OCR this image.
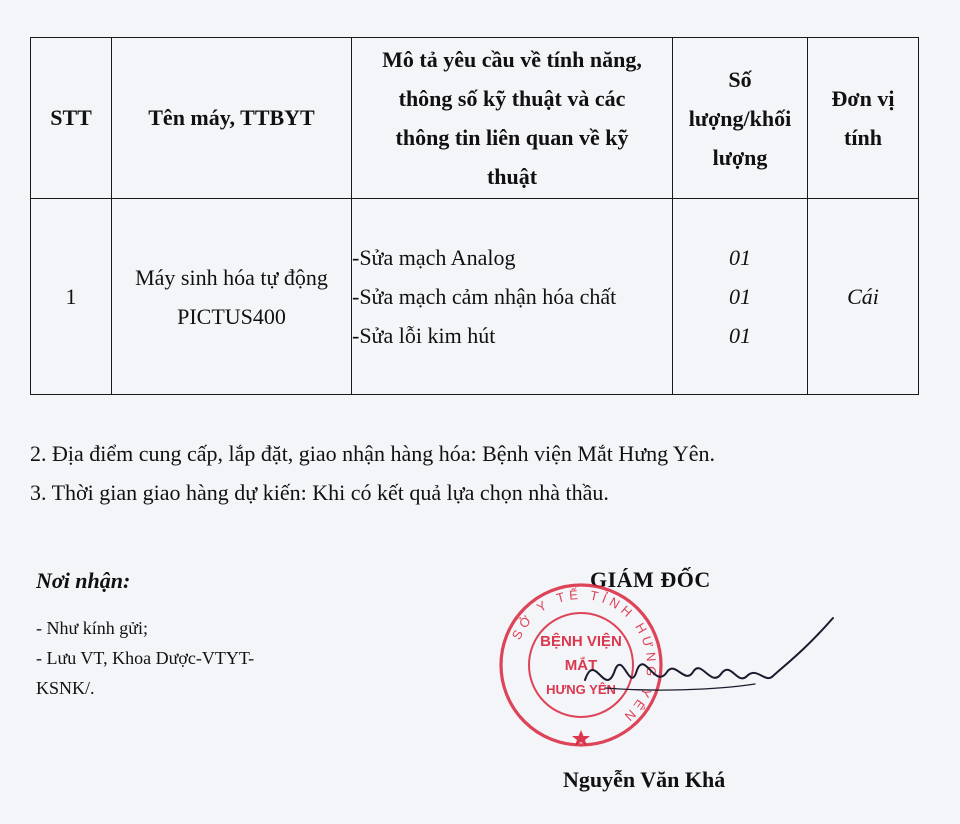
STT	Tên máy, TTBYT	Mô tả yêu cầu về tính năng,
thông số kỹ thuật và các
thông tin liên quan về kỹ
thuật	Số
lượng/khối
lượng	Đơn vị
tính

1	Máy sinh hóa tự động
PICTUS400	-Sửa mạch Analog
-Sửa mạch cảm nhận hóa chất
-Sửa lỗi kim hút	01
01
01	Cái
2. Địa điểm cung cấp, lắp đặt, giao nhận hàng hóa: Bệnh viện Mắt Hưng Yên.
3. Thời gian giao hàng dự kiến: Khi có kết quả lựa chọn nhà thầu.
Nơi nhận:
- Như kính gửi;
- Lưu VT, Khoa Dược-VTYT-
KSNK/.
GIÁM ĐỐC
SỞ Y TẾ TỈNH HƯNG YÊN
BỆNH VIỆN
MẮT
HƯNG YÊN
Nguyễn Văn Khá
